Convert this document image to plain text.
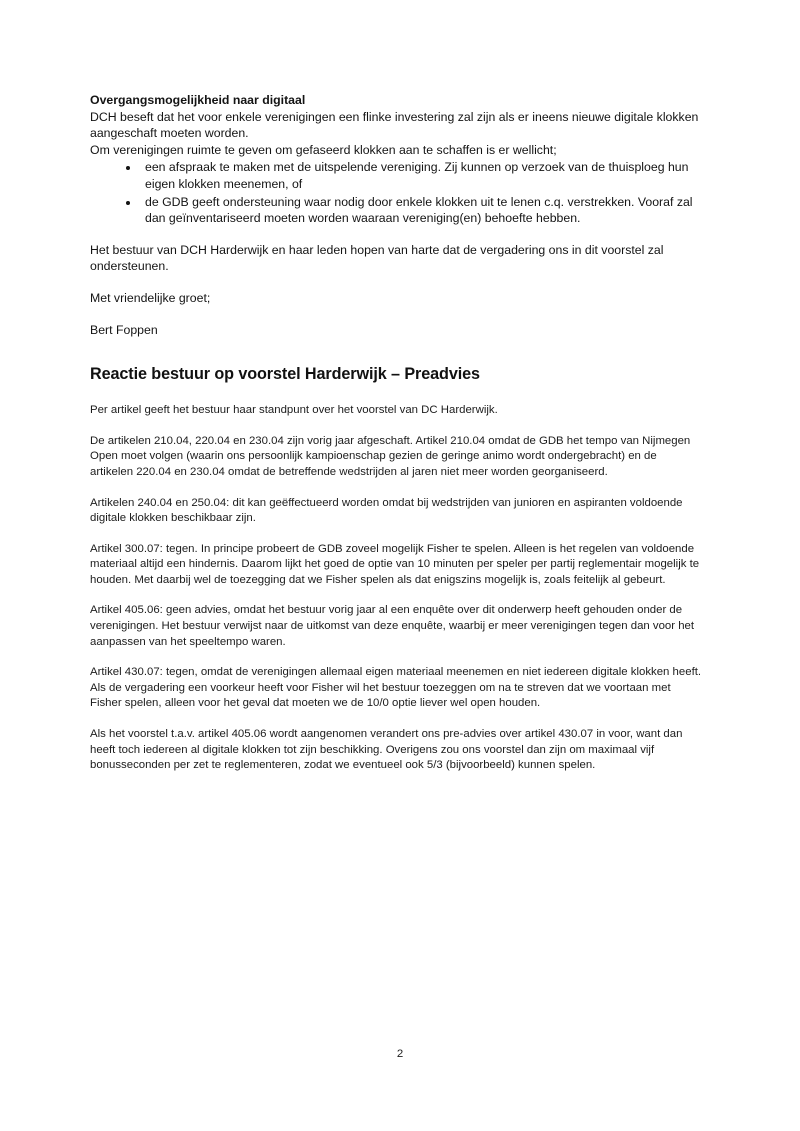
Overgangsmogelijkheid naar digitaal

DCH beseft dat het voor enkele verenigingen een flinke investering zal zijn als er ineens nieuwe digitale klokken aangeschaft moeten worden.

Om verenigingen ruimte te geven om gefaseerd klokken aan te schaffen is er wellicht;

een afspraak te maken met de uitspelende vereniging. Zij kunnen op verzoek van de thuisploeg hun eigen klokken meenemen, of
de GDB geeft ondersteuning waar nodig door enkele klokken uit te lenen c.q. verstrekken. Vooraf zal dan geïnventariseerd moeten worden waaraan vereniging(en) behoefte hebben.

Het bestuur van DCH Harderwijk en haar leden hopen van harte dat de vergadering ons in dit voorstel zal ondersteunen.

Met vriendelijke groet;

Bert Foppen

Reactie bestuur op voorstel Harderwijk – Preadvies

Per artikel geeft het bestuur haar standpunt over het voorstel van DC Harderwijk.

De artikelen 210.04, 220.04 en 230.04 zijn vorig jaar afgeschaft. Artikel 210.04 omdat de GDB het tempo van Nijmegen Open moet volgen (waarin ons persoonlijk kampioenschap gezien de geringe animo wordt ondergebracht) en de artikelen 220.04 en 230.04 omdat de betreffende wedstrijden al jaren niet meer worden georganiseerd.

Artikelen 240.04 en 250.04: dit kan geëffectueerd worden omdat bij wedstrijden van junioren en aspiranten voldoende digitale klokken beschikbaar zijn.

Artikel 300.07: tegen. In principe probeert de GDB zoveel mogelijk Fisher te spelen. Alleen is het regelen van voldoende materiaal altijd een hindernis. Daarom lijkt het goed de optie van 10 minuten per speler per partij reglementair mogelijk te houden. Met daarbij wel de toezegging dat we Fisher spelen als dat enigszins mogelijk is, zoals feitelijk al gebeurt.

Artikel 405.06: geen advies, omdat het bestuur vorig jaar al een enquête over dit onderwerp heeft gehouden onder de verenigingen. Het bestuur verwijst naar de uitkomst van deze enquête, waarbij er meer verenigingen tegen dan voor het aanpassen van het speeltempo waren.

Artikel 430.07: tegen, omdat de verenigingen allemaal eigen materiaal meenemen en niet iedereen digitale klokken heeft. Als de vergadering een voorkeur heeft voor Fisher wil het bestuur toezeggen om na te streven dat we voortaan met Fisher spelen, alleen voor het geval dat moeten we de 10/0 optie liever wel open houden.

Als het voorstel t.a.v. artikel 405.06 wordt aangenomen verandert ons pre-advies over artikel 430.07 in voor, want dan heeft toch iedereen al digitale klokken tot zijn beschikking. Overigens zou ons voorstel dan zijn om maximaal vijf bonusseconden per zet te reglementeren, zodat we eventueel ook 5/3 (bijvoorbeeld) kunnen spelen.

2
